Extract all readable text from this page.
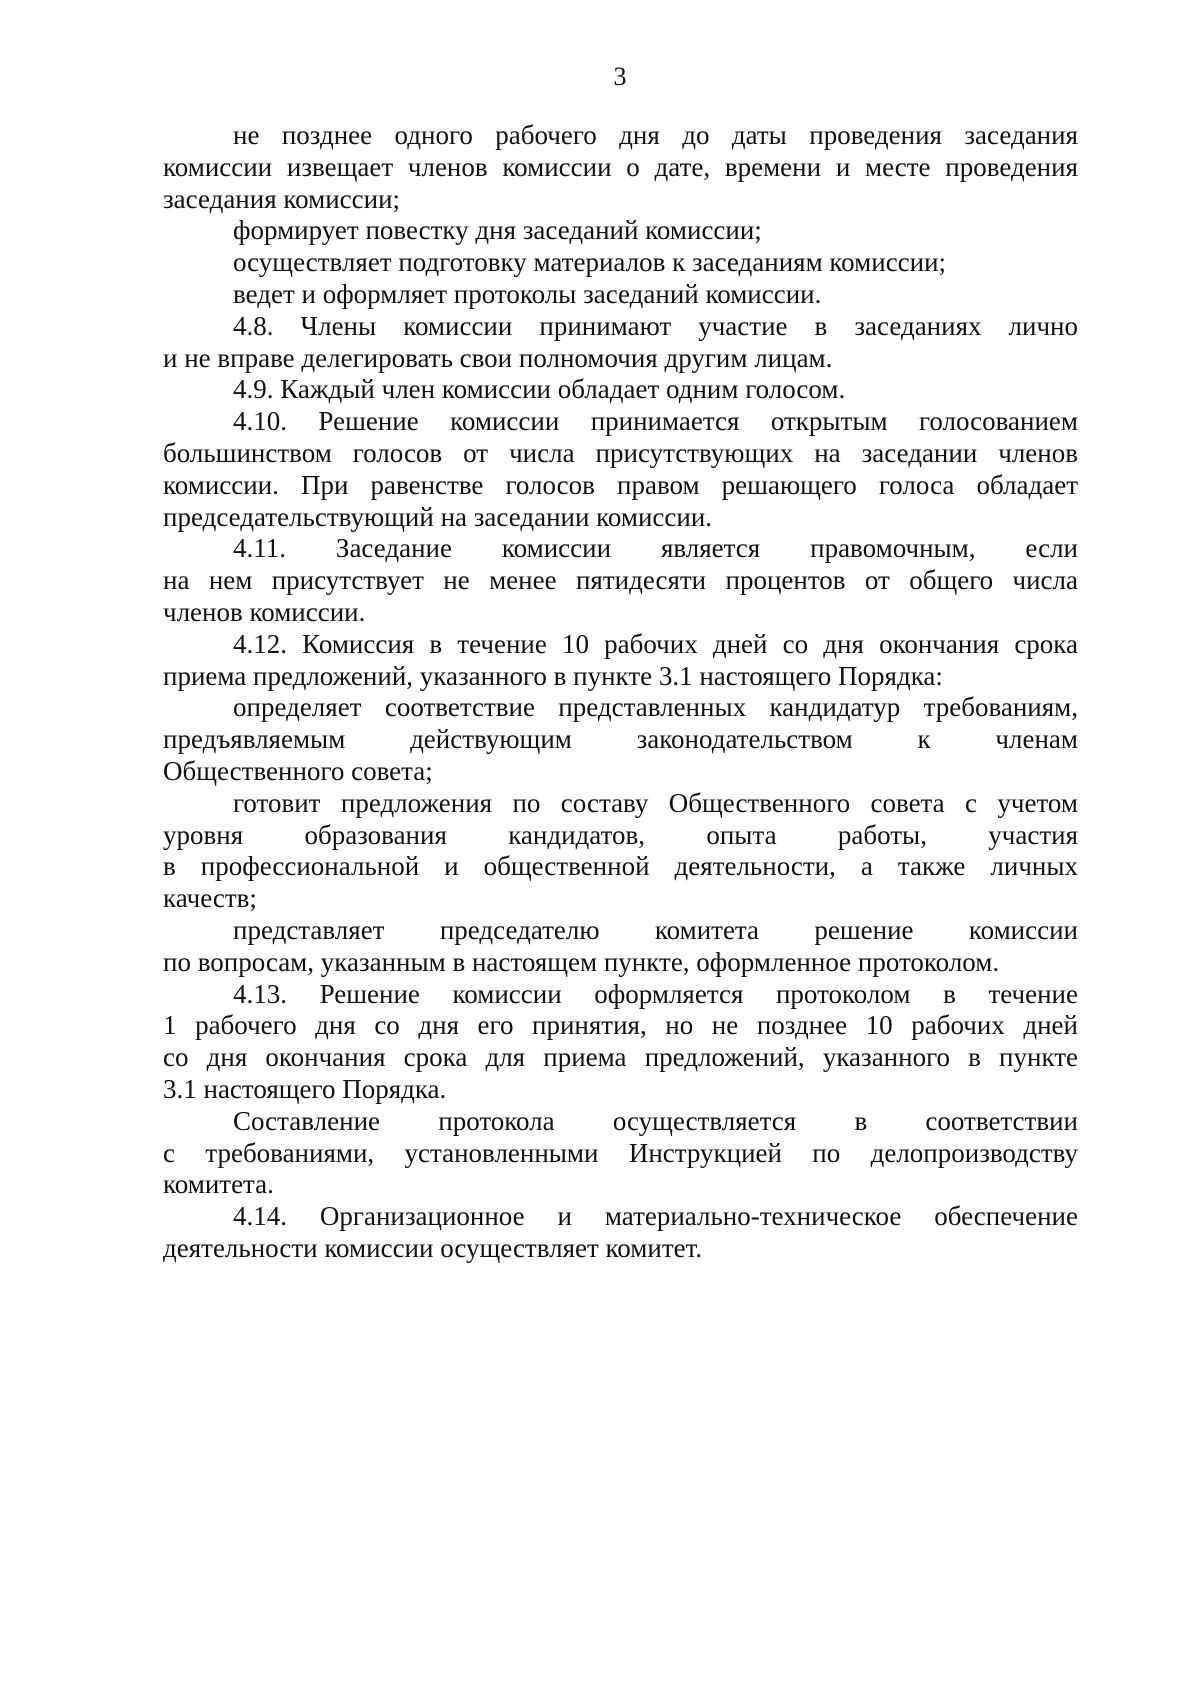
3
не позднее одного рабочего дня до даты проведения заседания
комиссии извещает членов комиссии о дате, времени и месте проведения
заседания комиссии;
формирует повестку дня заседаний комиссии;
осуществляет подготовку материалов к заседаниям комиссии;
ведет и оформляет протоколы заседаний комиссии.
4.8. Члены комиссии принимают участие в заседаниях лично
и не вправе делегировать свои полномочия другим лицам.
4.9. Каждый член комиссии обладает одним голосом.
4.10. Решение комиссии принимается открытым голосованием
большинством голосов от числа присутствующих на заседании членов
комиссии. При равенстве голосов правом решающего голоса обладает
председательствующий на заседании комиссии.
4.11. Заседание комиссии является правомочным, если
на нем присутствует не менее пятидесяти процентов от общего числа
членов комиссии.
4.12. Комиссия в течение 10 рабочих дней со дня окончания срока
приема предложений, указанного в пункте 3.1 настоящего Порядка:
определяет соответствие представленных кандидатур требованиям,
предъявляемым действующим законодательством к членам
Общественного совета;
готовит предложения по составу Общественного совета с учетом
уровня образования кандидатов, опыта работы, участия
в профессиональной и общественной деятельности, а также личных
качеств;
представляет председателю комитета решение комиссии
по вопросам, указанным в настоящем пункте, оформленное протоколом.
4.13. Решение комиссии оформляется протоколом в течение
1 рабочего дня со дня его принятия, но не позднее 10 рабочих дней
со дня окончания срока для приема предложений, указанного в пункте
3.1 настоящего Порядка.
Составление протокола осуществляется в соответствии
с требованиями, установленными Инструкцией по делопроизводству
комитета.
4.14. Организационное и материально-техническое обеспечение
деятельности комиссии осуществляет комитет.
